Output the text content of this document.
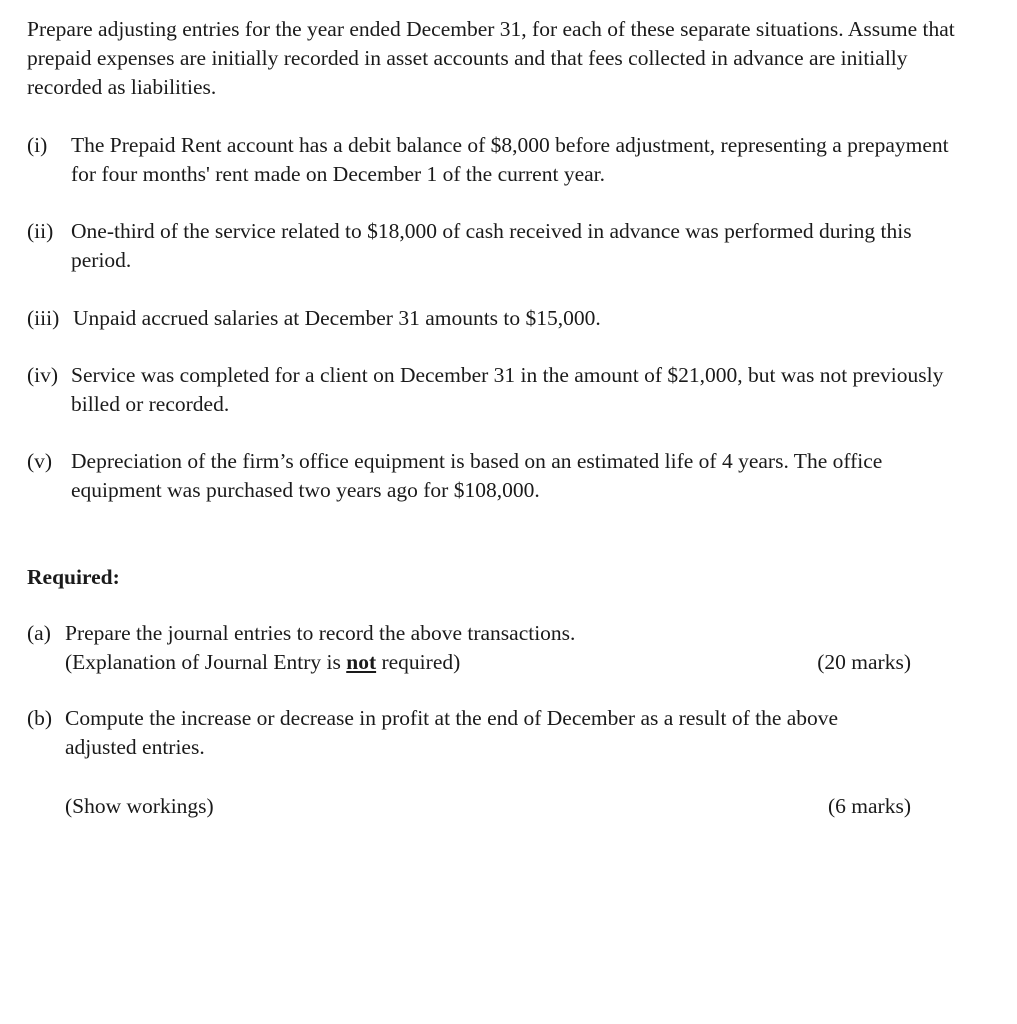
Prepare adjusting entries for the year ended December 31, for each of these separate situations. Assume that prepaid expenses are initially recorded in asset accounts and that fees collected in advance are initially recorded as liabilities.

(i)	The Prepaid Rent account has a debit balance of $8,000 before adjustment, representing a prepayment for four months' rent made on December 1 of the current year.
(ii) One-third of the service related to $18,000 of cash received in advance was performed during this period.
(iii) Unpaid accrued salaries at December 31 amounts to $15,000.
(iv) Service was completed for a client on December 31 in the amount of $21,000, but was not previously billed or recorded.
(v) Depreciation of the firm’s office equipment is based on an estimated life of 4 years. The office equipment was purchased two years ago for $108,000.

Required:

(a) Prepare the journal entries to record the above transactions.
(Explanation of Journal Entry is not required)	(20 marks)
(b) Compute the increase or decrease in profit at the end of December as a result of the above adjusted entries.
(Show workings)	(6 marks)
